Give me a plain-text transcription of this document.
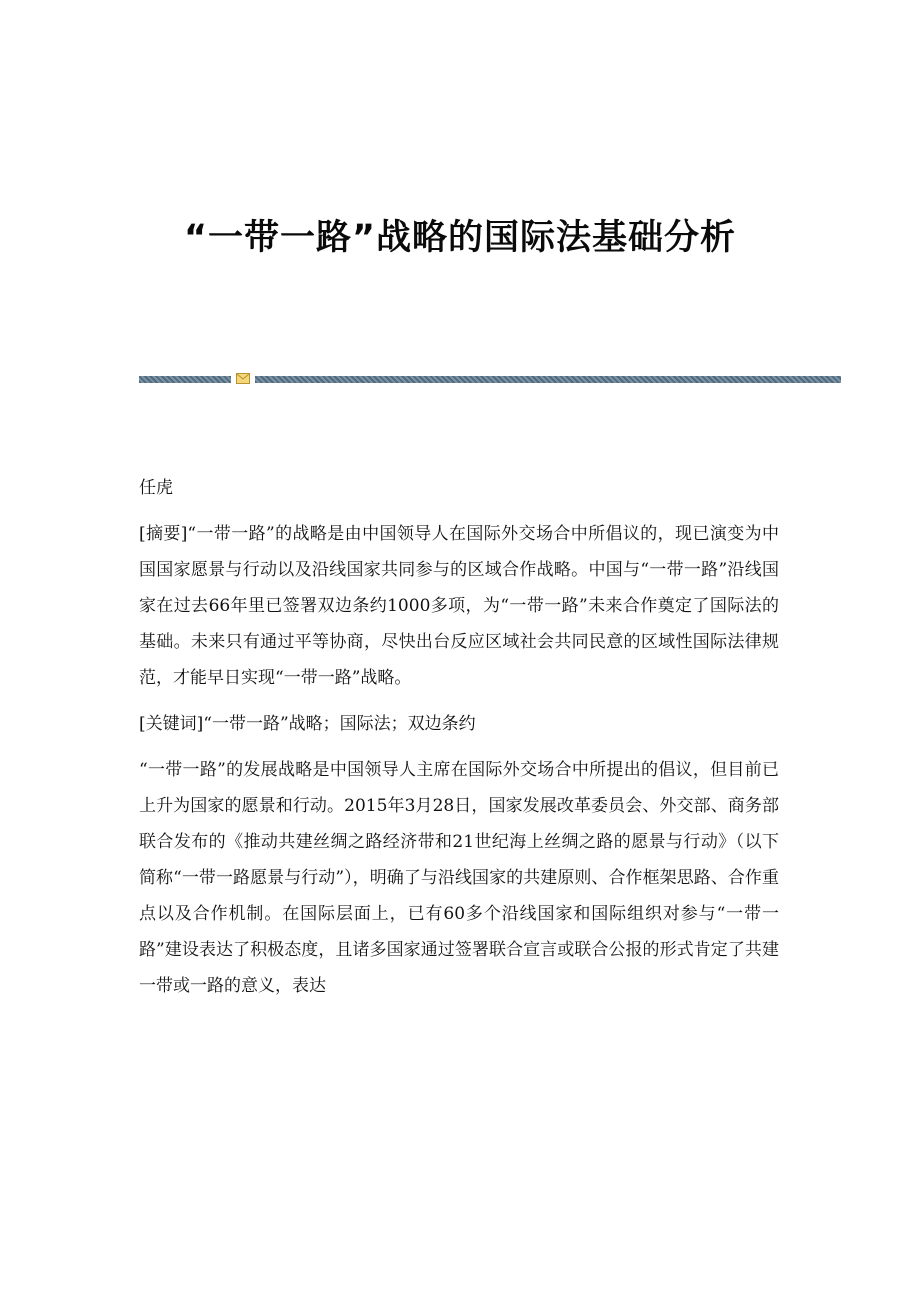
“一带一路”战略的国际法基础分析

任虎

[摘要]“一带一路”的战略是由中国领导人在国际外交场合中所倡议的，现已演变为中国国家愿景与行动以及沿线国家共同参与的区域合作战略。中国与“一带一路”沿线国家在过去66年里已签署双边条约1000多项，为“一带一路”未来合作奠定了国际法的基础。未来只有通过平等协商，尽快出台反应区域社会共同民意的区域性国际法律规范，才能早日实现“一带一路”战略。

[关键词]“一带一路”战略；国际法；双边条约

“一带一路”的发展战略是中国领导人主席在国际外交场合中所提出的倡议，但目前已上升为国家的愿景和行动。2015年3月28日，国家发展改革委员会、外交部、商务部联合发布的《推动共建丝绸之路经济带和21世纪海上丝绸之路的愿景与行动》（以下简称“一带一路愿景与行动”），明确了与沿线国家的共建原则、合作框架思路、合作重点以及合作机制。在国际层面上，已有60多个沿线国家和国际组织对参与“一带一路”建设表达了积极态度，且诸多国家通过签署联合宣言或联合公报的形式肯定了共建一带或一路的意义，表达
